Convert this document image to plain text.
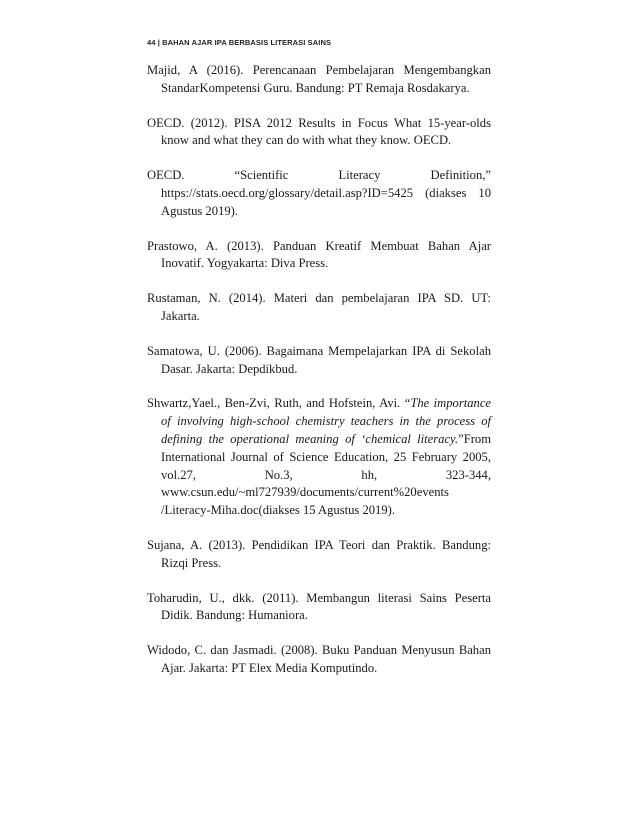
44 | BAHAN AJAR IPA BERBASIS LITERASI SAINS
Majid, A (2016). Perencanaan Pembelajaran Mengembangkan StandarKompetensi Guru. Bandung: PT Remaja Rosdakarya.
OECD. (2012). PISA 2012 Results in Focus What 15-year-olds know and what they can do with what they know. OECD.
OECD. “Scientific Literacy Definition,” https://stats.oecd.org/glossary/detail.asp?ID=5425 (diakses 10 Agustus 2019).
Prastowo, A. (2013). Panduan Kreatif Membuat Bahan Ajar Inovatif. Yogyakarta: Diva Press.
Rustaman, N. (2014). Materi dan pembelajaran IPA SD. UT: Jakarta.
Samatowa, U. (2006). Bagaimana Mempelajarkan IPA di Sekolah Dasar. Jakarta: Depdikbud.
Shwartz,Yael., Ben-Zvi, Ruth, and Hofstein, Avi. “The importance of involving high-school chemistry teachers in the process of defining the operational meaning of ‘chemical literacy.”From International Journal of Science Education, 25 February 2005, vol.27, No.3, hh, 323-344, www.csun.edu/~ml727939/documents/current%20events /Literacy-Miha.doc(diakses 15 Agustus 2019).
Sujana, A. (2013). Pendidikan IPA Teori dan Praktik. Bandung: Rizqi Press.
Toharudin, U., dkk. (2011). Membangun literasi Sains Peserta Didik. Bandung: Humaniora.
Widodo, C. dan Jasmadi. (2008). Buku Panduan Menyusun Bahan Ajar. Jakarta: PT Elex Media Komputindo.
